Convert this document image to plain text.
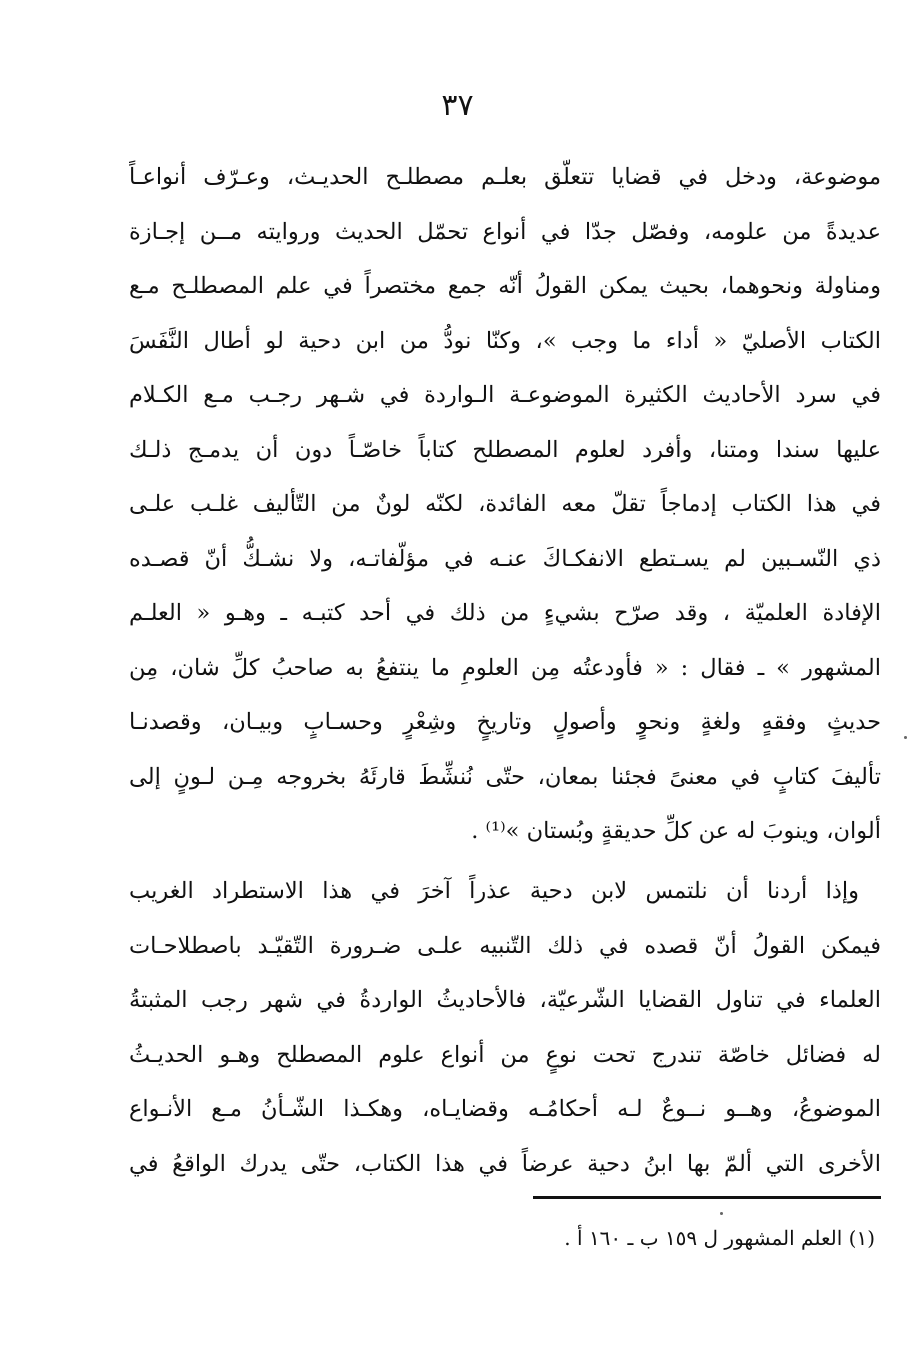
٣٧
موضوعة، ودخل في قضايا تتعلّق بعلـم مصطلـح الحديـث، وعـرّف أنواعـاً
عديدةً من علومه، وفصّل جدّا في أنواع تحمّل الحديث وروايته مــن إجـازة
ومناولة ونحوهما، بحيث يمكن القولُ أنّه جمع مختصراً في علم المصطلـح مـع
الكتاب الأصليّ « أداء ما وجب »، وكنّا نودُّ من ابن دحية لو أطال النَّفَسَ
في سرد الأحاديث الكثيرة الموضوعـة الـواردة في شـهر رجـب مـع الكـلام
عليها سندا ومتنا، وأفرد لعلوم المصطلح كتاباً خاصّـاً دون أن يدمـج ذلـك
في هذا الكتاب إدماجاً تقلّ معه الفائدة، لكنّه لونٌ من التّأليف غلـب علـى
ذي النّسـبين لم يسـتطع الانفكـاكَ عنـه في مؤلّفاتـه، ولا نشـكُّ أنّ قصـده
الإفادة العلميّة ، وقد صرّح بشيءٍ من ذلك في أحد كتبـه ـ وهـو « العلـم
المشهور » ـ فقال : « فأودعتُه مِن العلومِ ما ينتفعُ به صاحبُ كلِّ شان، مِن
حديثٍ وفقهٍ ولغةٍ ونحوٍ وأصولٍ وتاريخٍ وشِعْرٍ وحسـابٍ وبيـان، وقصدنـا
تأليفَ كتابٍ في معنىً فجئنا بمعان، حتّى نُنشِّطَ قارئَهُ بخروجه مِـن لـونٍ إلى
ألوان، وينوبَ له عن كلِّ حديقةٍ وبُستان »⁽¹⁾ .
وإذا أردنا أن نلتمس لابن دحية عذراً آخرَ في هذا الاستطراد الغريب
فيمكن القولُ أنّ قصده في ذلك التّنبيه علـى ضـرورة التّقيّـد باصطلاحـات
العلماء في تناول القضايا الشّرعيّة، فالأحاديثُ الواردةُ في شهر رجب المثبتةُ
له فضائل خاصّة تندرج تحت نوعٍ من أنواع علوم المصطلح وهـو الحديـثُ
الموضوعُ، وهــو نــوعٌ لـه أحكامُـه وقضايـاه، وهكـذا الشّـأنُ مـع الأنـواع
الأخرى التي ألمّ بها ابنُ دحية عرضاً في هذا الكتاب، حتّى يدرك الواقعُ في
(١) العلم المشهور ل ١٥٩ ب ـ ١٦٠ أ .
